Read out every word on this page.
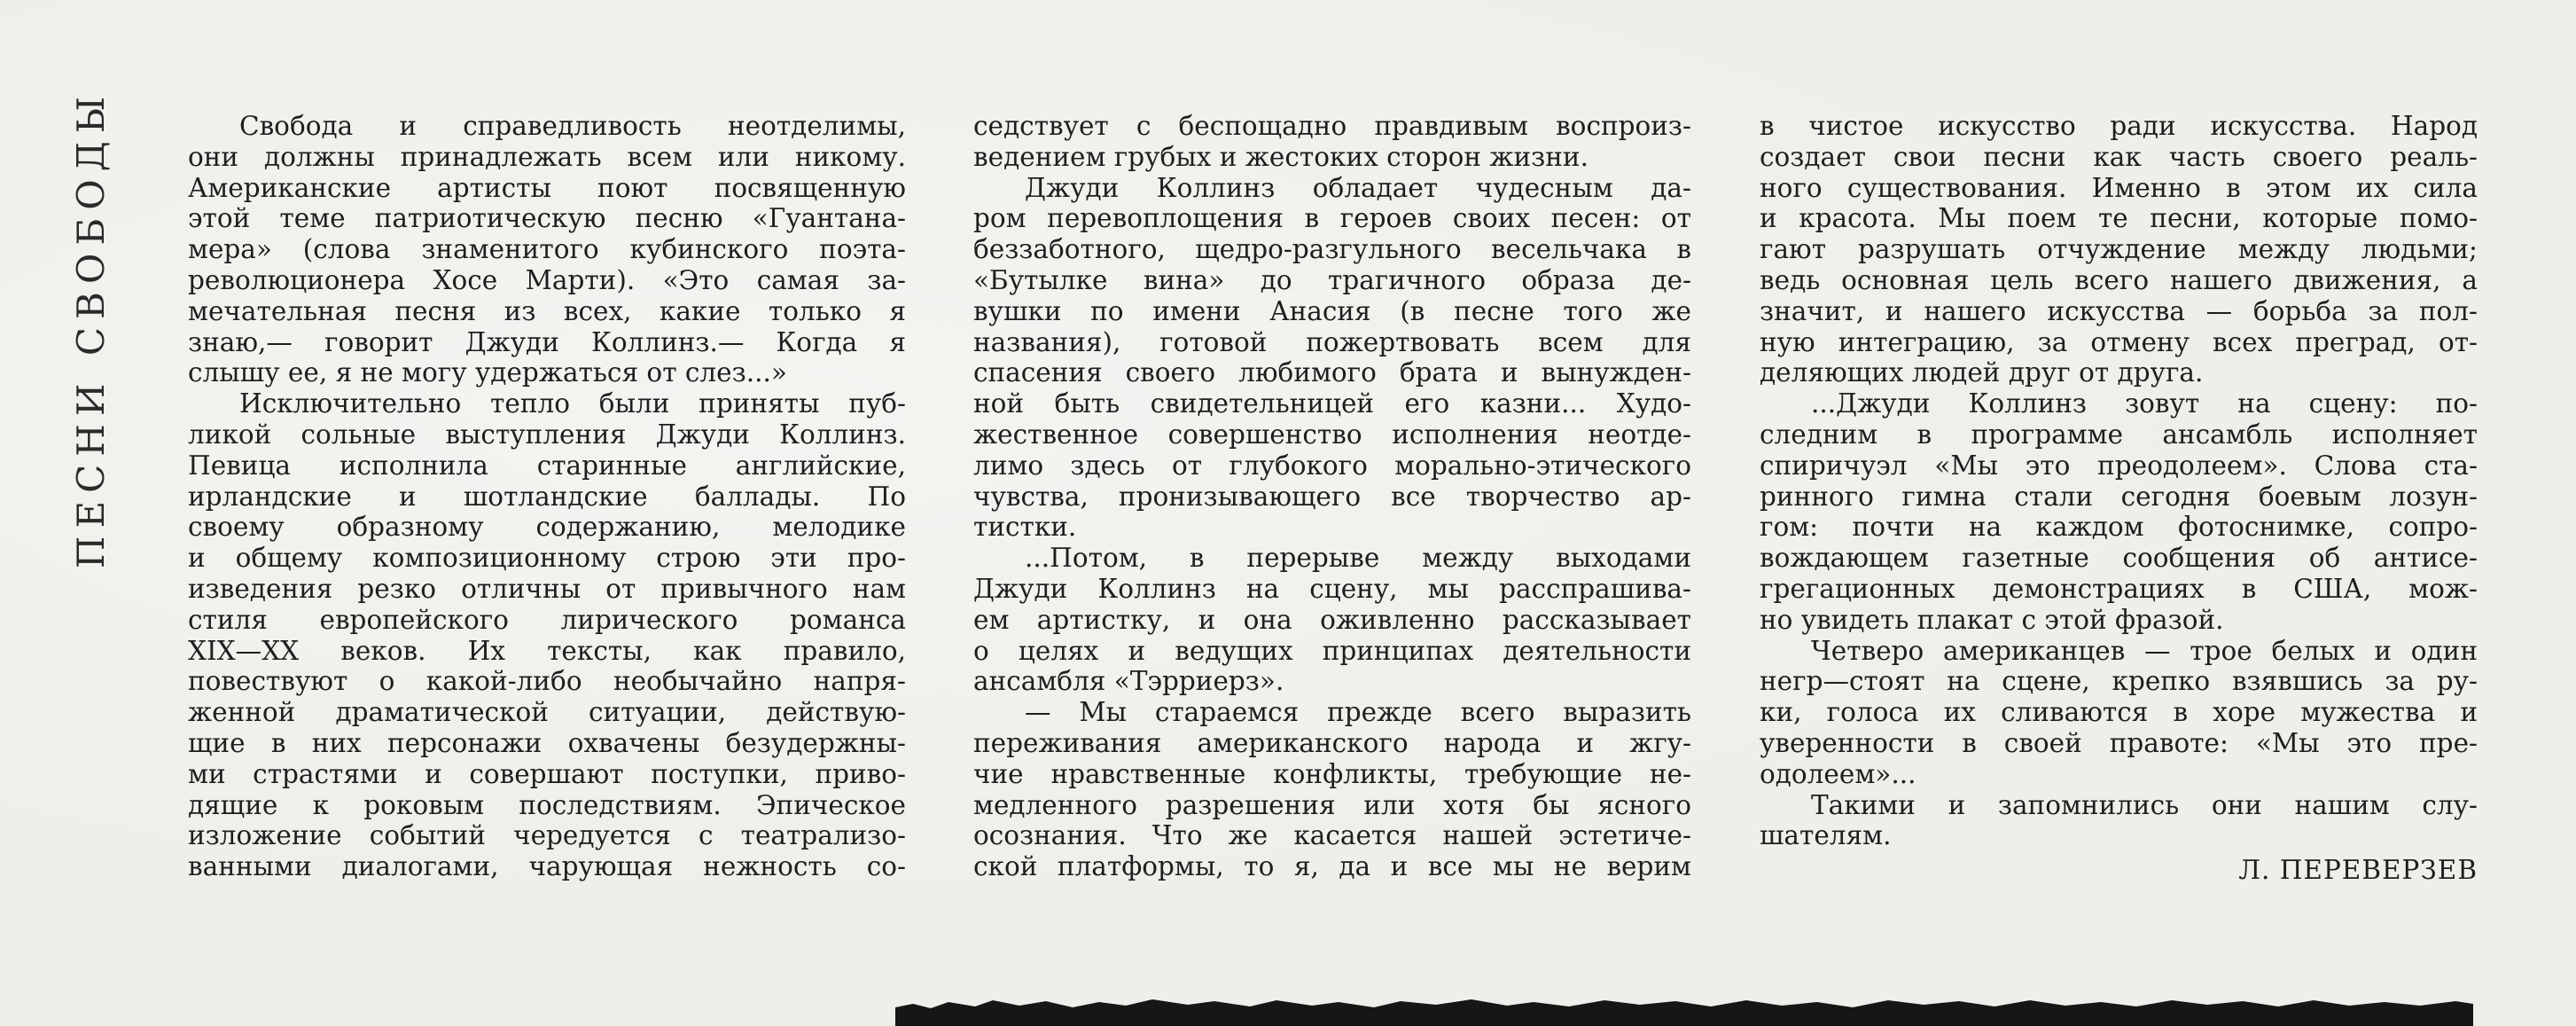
ПЕСНИ СВОБОДЫ	Свобода и справедливость неотделимы,

они должны принадлежать всем или никому.

Американские артисты поют посвященную

этой теме патриотическую песню «Гуантана-

мера» (слова знаменитого кубинского поэта-

революционера Хосе Марти). «Это самая за-

мечательная песня из всех, какие только я

знаю,— говорит Джуди Коллинз.— Когда я

слышу ее, я не могу удержаться от слез...»

Исключительно тепло были приняты пуб-

ликой сольные выступления Джуди Коллинз.

Певица исполнила старинные английские,

ирландские и шотландские баллады. По

своему образному содержанию, мелодике

и общему композиционному строю эти про-

изведения резко отличны от привычного нам

стиля европейского лирического романса

XIX—XX веков. Их тексты, как правило,

повествуют о какой-либо необычайно напря-

женной драматической ситуации, действую-

щие в них персонажи охвачены безудержны-

ми страстями и совершают поступки, приво-

дящие к роковым последствиям. Эпическое

изложение событий чередуется с театрализо-

ванными диалогами, чарующая нежность со-

седствует с беспощадно правдивым воспроиз-

ведением грубых и жестоких сторон жизни.

Джуди Коллинз обладает чудесным да-

ром перевоплощения в героев своих песен: от

беззаботного, щедро-разгульного весельчака в

«Бутылке вина» до трагичного образа де-

вушки по имени Анасия (в песне того же

названия), готовой пожертвовать всем для

спасения своего любимого брата и вынужден-

ной быть свидетельницей его казни... Худо-

жественное совершенство исполнения неотде-

лимо здесь от глубокого морально-этического

чувства, пронизывающего все творчество ар-

тистки.

...Потом, в перерыве между выходами

Джуди Коллинз на сцену, мы расспрашива-

ем артистку, и она оживленно рассказывает

о целях и ведущих принципах деятельности

ансамбля «Тэрриерз».

— Мы стараемся прежде всего выразить

переживания американского народа и жгу-

чие нравственные конфликты, требующие не-

медленного разрешения или хотя бы ясного

осознания. Что же касается нашей эстетиче-

ской платформы, то я, да и все мы не верим

в чистое искусство ради искусства. Народ

создает свои песни как часть своего реаль-

ного существования. Именно в этом их сила

и красота. Мы поем те песни, которые помо-

гают разрушать отчуждение между людьми;

ведь основная цель всего нашего движения, а

значит, и нашего искусства — борьба за пол-

ную интеграцию, за отмену всех преград, от-

деляющих людей друг от друга.

...Джуди Коллинз зовут на сцену: по-

следним в программе ансамбль исполняет

спиричуэл «Мы это преодолеем». Слова ста-

ринного гимна стали сегодня боевым лозун-

гом: почти на каждом фотоснимке, сопро-

вождающем газетные сообщения об антисе-

грегационных демонстрациях в США, мож-

но увидеть плакат с этой фразой.

Четверо американцев — трое белых и один

негр—стоят на сцене, крепко взявшись за ру-

ки, голоса их сливаются в хоре мужества и

уверенности в своей правоте: «Мы это пре-

одолеем»...

Такими и запомнились они нашим слу-

шателям.

Л. ПЕРЕВЕРЗЕВ
